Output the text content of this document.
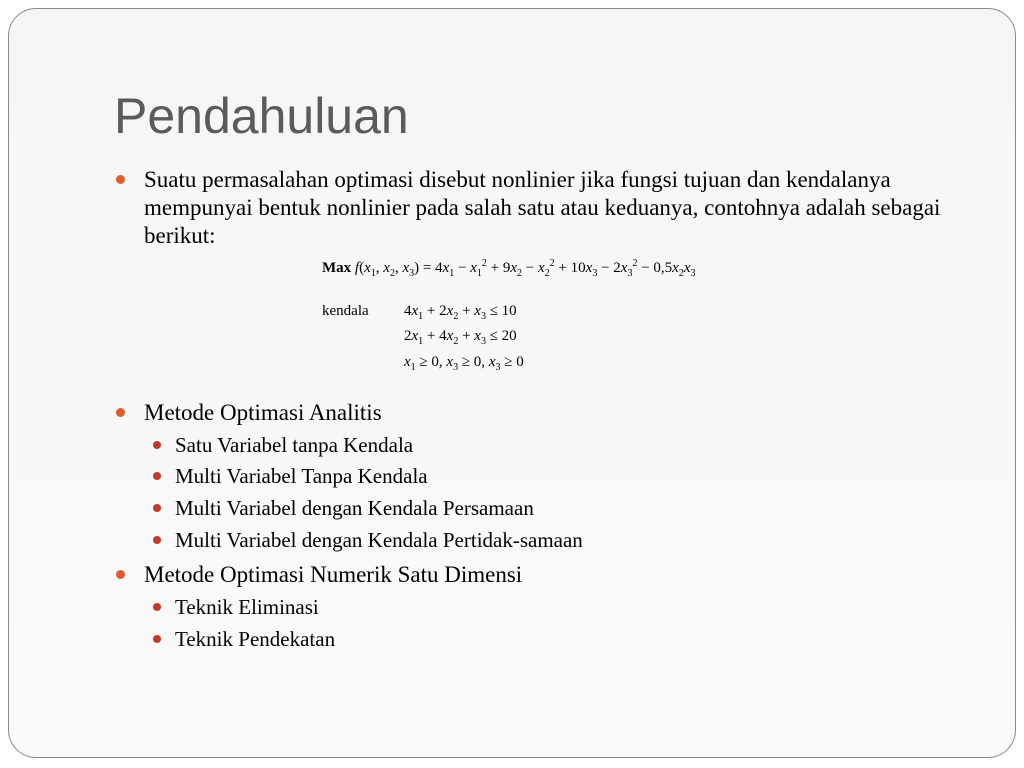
Pendahuluan
Suatu permasalahan optimasi disebut nonlinier jika fungsi tujuan dan kendalanya mempunyai bentuk nonlinier pada salah satu atau keduanya, contohnya adalah sebagai berikut:
Max $f(x_1$, $x_2$, $x_3) = 4x_1 - x_1^2 + 9x_2 - x_2^2 + 10x_3 - 2x_3^2 - 0,5x_2x_3$
kendala $4x_1 + 2x_2 + x_3 \le 10$
$2x_1 + 4x_2 + x_3 \le 20$
$x_1 \ge 0$, $x_3 \ge 0$, $x_3 \ge 0$
Metode Optimasi Analitis
Satu Variabel tanpa Kendala
Multi Variabel Tanpa Kendala
Multi Variabel dengan Kendala Persamaan
Multi Variabel dengan Kendala Pertidak-samaan
Metode Optimasi Numerik Satu Dimensi
Teknik Eliminasi
Teknik Pendekatan
